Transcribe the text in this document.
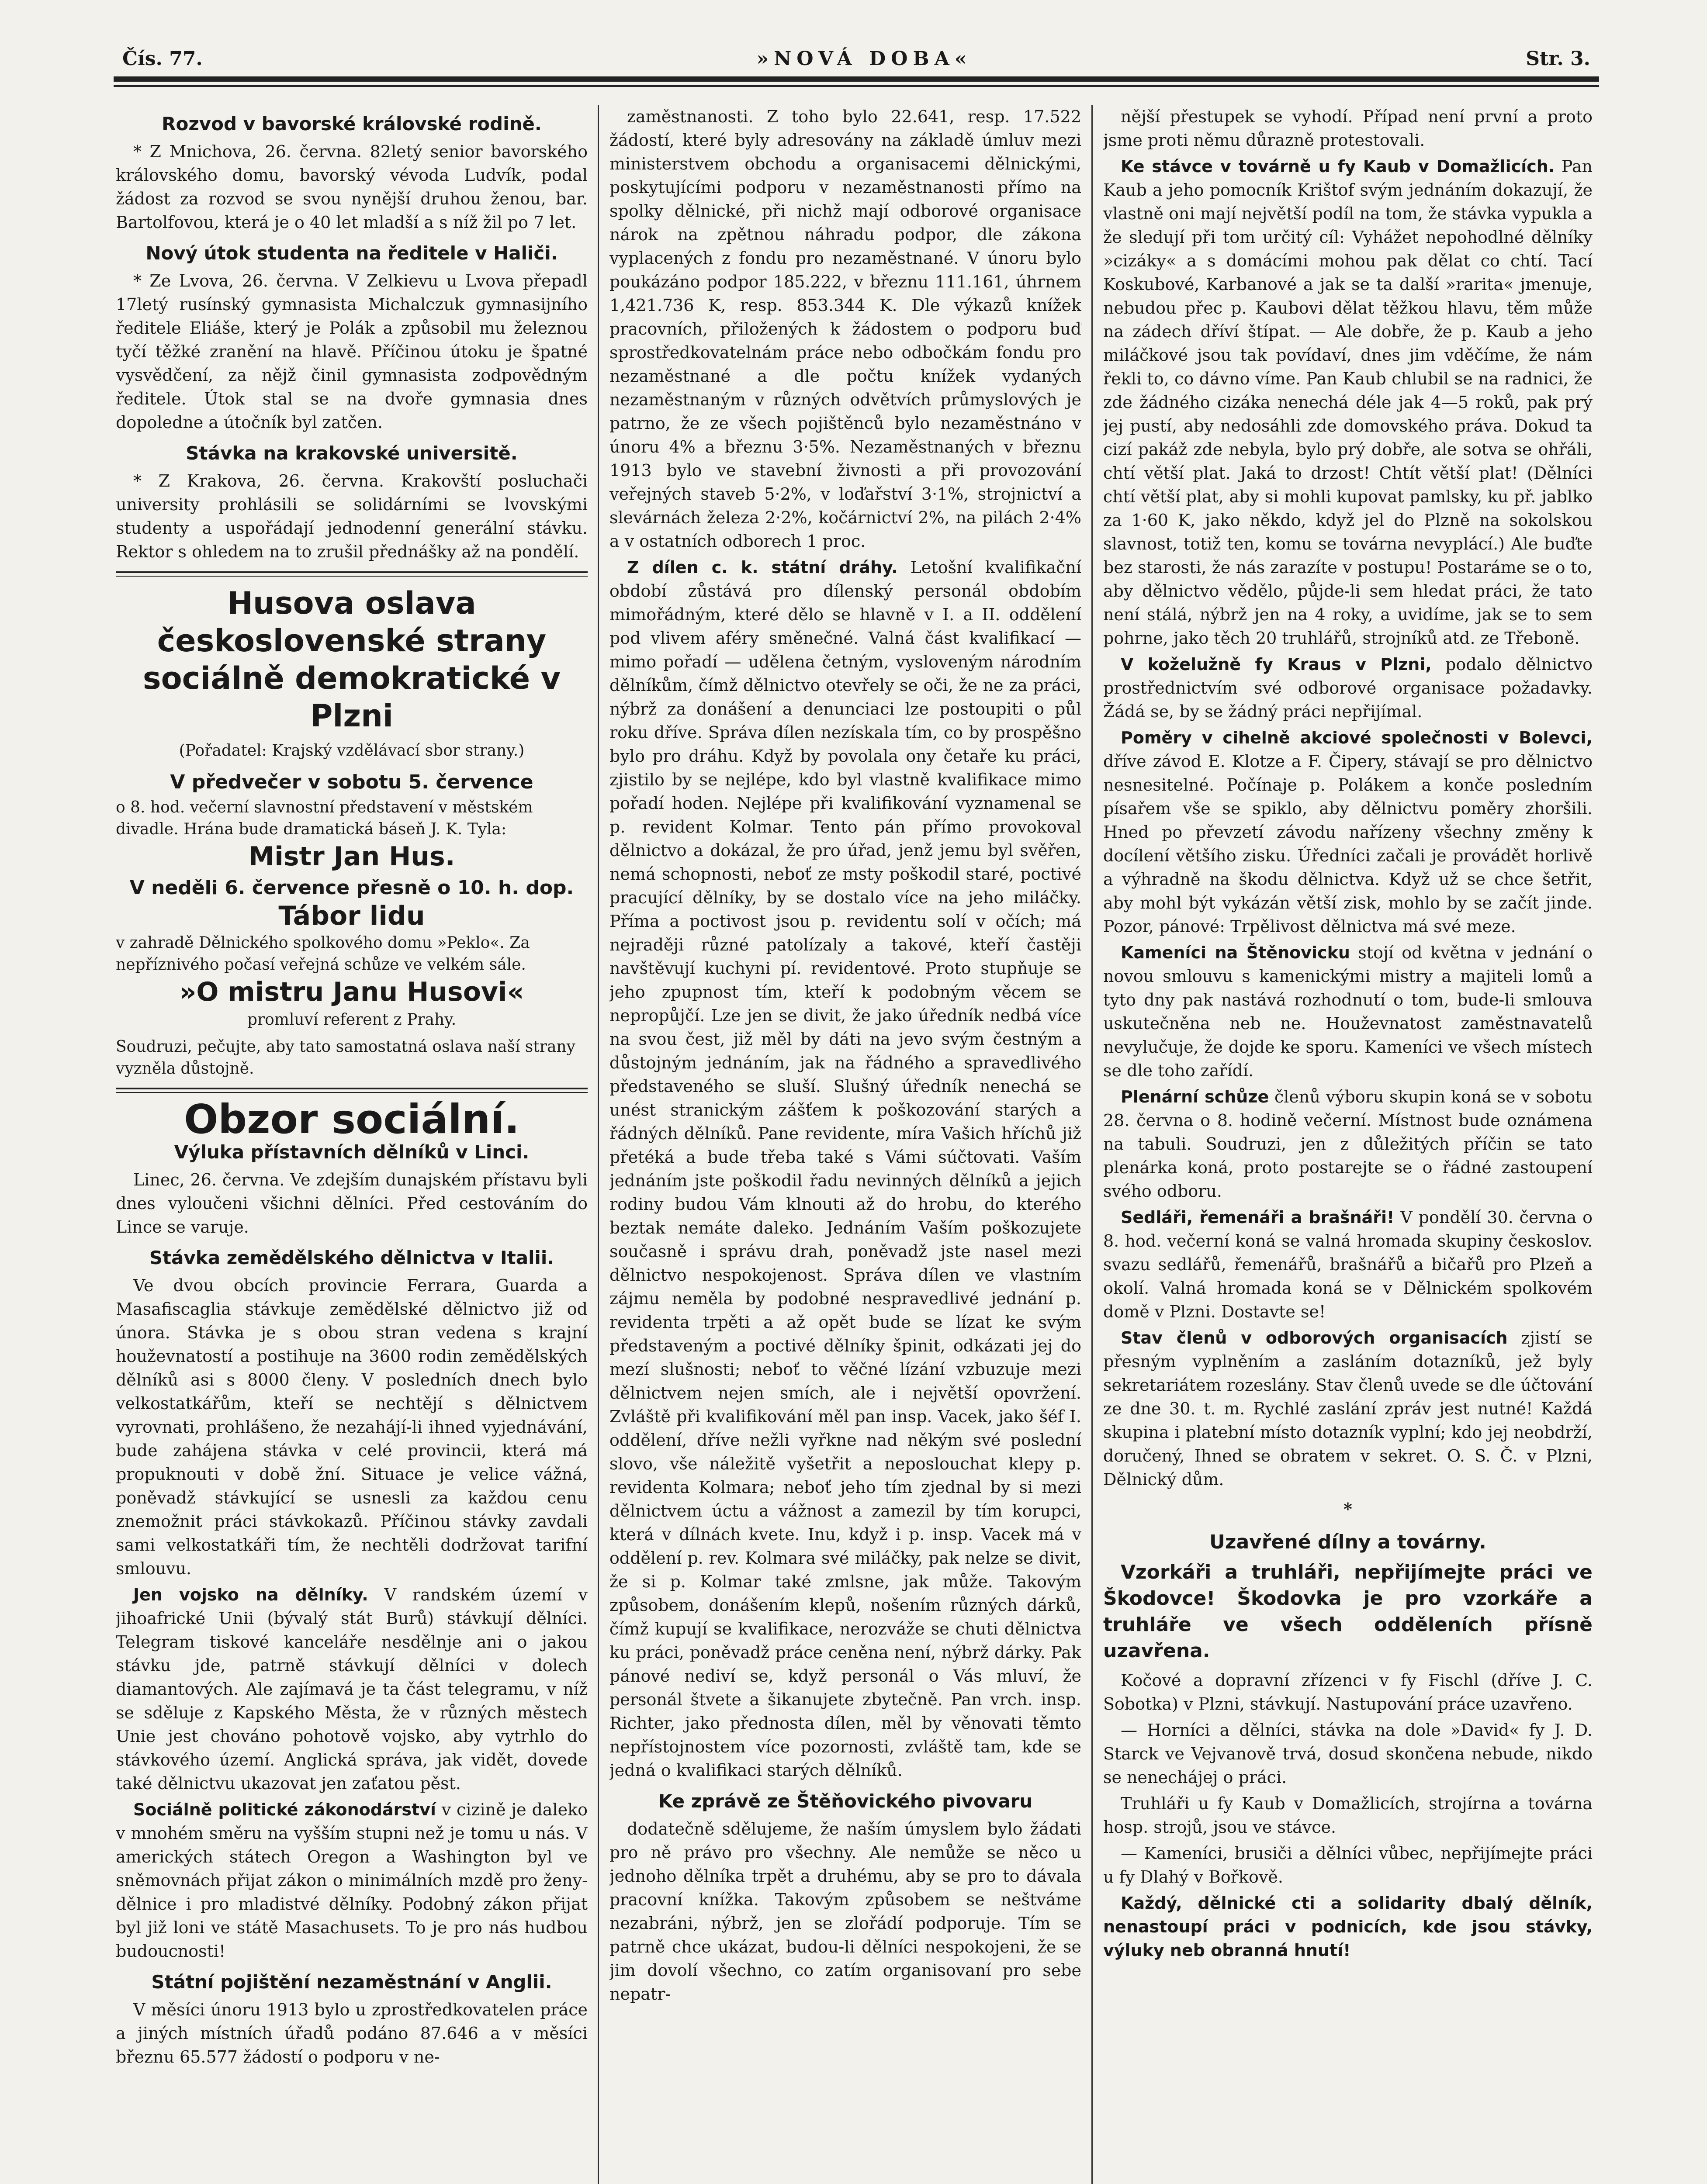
Čís. 77.	»NOVÁ DOBA«	Str. 3.
Rozvod v bavorské královské rodině.

* Z Mnichova, 26. června. 82letý senior bavorského královského domu, bavorský vévoda Ludvík, podal žádost za rozvod se svou nynější druhou ženou, bar. Bartolfovou, která je o 40 let mladší a s níž žil po 7 let.

Nový útok studenta na ředitele v Haliči.

* Ze Lvova, 26. června. V Zelkievu u Lvova přepadl 17letý rusínský gymnasista Michalczuk gymnasijního ředitele Eliáše, který je Polák a způsobil mu železnou tyčí těžké zranění na hlavě. Příčinou útoku je špatné vysvědčení, za nějž činil gymnasista zodpovědným ředitele. Útok stal se na dvoře gymnasia dnes dopoledne a útočník byl zatčen.

Stávka na krakovské universitě.

* Z Krakova, 26. června. Krakovští posluchači university prohlásili se solidárními se lvovskými studenty a uspořádají jednodenní generální stávku. Rektor s ohledem na to zrušil přednášky až na pondělí.

Husova oslava československé strany sociálně demokratické v Plzni
(Pořadatel: Krajský vzdělávací sbor strany.)
V předvečer v sobotu 5. července
o 8. hod. večerní slavnostní představení v městském divadle. Hrána bude dramatická báseň J. K. Tyla:
Mistr Jan Hus.
V neděli 6. července přesně o 10. h. dop.
Tábor lidu
v zahradě Dělnického spolkového domu »Peklo«. Za nepříznivého počasí veřejná schůze ve velkém sále.
»O mistru Janu Husovi«
promluví referent z Prahy.
Soudruzi, pečujte, aby tato samostatná oslava naší strany vyzněla důstojně.
Obzor sociální.
Výluka přístavních dělníků v Linci.

Linec, 26. června. Ve zdejším dunajském přístavu byli dnes vyloučeni všichni dělníci. Před cestováním do Lince se varuje.

Stávka zemědělského dělnictva v Italii.

Ve dvou obcích provincie Ferrara, Guarda a Masafiscaglia stávkuje zemědělské dělnictvo již od února. Stávka je s obou stran vedena s krajní houževnatostí a postihuje na 3600 rodin zemědělských dělníků asi s 8000 členy. V posledních dnech bylo velkostatkářům, kteří se nechtějí s dělnictvem vyrovnati, prohlášeno, že nezahájí-li ihned vyjednávání, bude zahájena stávka v celé provincii, která má propuknouti v době žní. Situace je velice vážná, poněvadž stávkující se usnesli za každou cenu znemožnit práci stávkokazů. Příčinou stávky zavdali sami velkostatkáři tím, že nechtěli dodržovat tarifní smlouvu.

Jen vojsko na dělníky. V randském území v jihoafrické Unii (bývalý stát Burů) stávkují dělníci. Telegram tiskové kanceláře nesdělnje ani o jakou stávku jde, patrně stávkují dělníci v dolech diamantových. Ale zajímavá je ta část telegramu, v níž se sděluje z Kapského Města, že v různých městech Unie jest chováno pohotově vojsko, aby vytrhlo do stávkového území. Anglická správa, jak vidět, dovede také dělnictvu ukazovat jen zaťatou pěst.

Sociálně politické zákonodárství v cizině je daleko v mnohém směru na vyšším stupni než je tomu u nás. V amerických státech Oregon a Washington byl ve sněmovnách přijat zákon o minimálních mzdě pro ženy-dělnice i pro mladistvé dělníky. Podobný zákon přijat byl již loni ve státě Masachusets. To je pro nás hudbou budoucnosti!

Státní pojištění nezaměstnání v Anglii.

V měsíci únoru 1913 bylo u zprostředkovatelen práce a jiných místních úřadů podáno 87.646 a v měsíci březnu 65.577 žádostí o podporu v ne-

zaměstnanosti. Z toho bylo 22.641, resp. 17.522 žádostí, které byly adresovány na základě úmluv mezi ministerstvem obchodu a organisacemi dělnickými, poskytujícími podporu v nezaměstnanosti přímo na spolky dělnické, při nichž mají odborové organisace nárok na zpětnou náhradu podpor, dle zákona vyplacených z fondu pro nezaměstnané. V únoru bylo poukázáno podpor 185.222, v březnu 111.161, úhrnem 1,421.736 K, resp. 853.344 K. Dle výkazů knížek pracovních, přiložených k žádostem o podporu buď sprostředkovatelnám práce nebo odbočkám fondu pro nezaměstnané a dle počtu knížek vydaných nezaměstnaným v různých odvětvích průmyslových je patrno, že ze všech pojištěnců bylo nezaměstnáno v únoru 4% a březnu 3·5%. Nezaměstnaných v březnu 1913 bylo ve stavební živnosti a při provozování veřejných staveb 5·2%, v loďařství 3·1%, strojnictví a slevárnách železa 2·2%, kočárnictví 2%, na pilách 2·4% a v ostatních odborech 1 proc.

Z dílen c. k. státní dráhy. Letošní kvalifikační období zůstává pro dílenský personál obdobím mimořádným, které dělo se hlavně v I. a II. oddělení pod vlivem aféry směnečné. Valná část kvalifikací — mimo pořadí — udělena četným, vysloveným národním dělníkům, čímž dělnictvo otevřely se oči, že ne za práci, nýbrž za donášení a denunciaci lze postoupiti o půl roku dříve. Správa dílen nezískala tím, co by prospěšno bylo pro dráhu. Když by povolala ony četaře ku práci, zjistilo by se nejlépe, kdo byl vlastně kvalifikace mimo pořadí hoden. Nejlépe při kvalifikování vyznamenal se p. revident Kolmar. Tento pán přímo provokoval dělnictvo a dokázal, že pro úřad, jenž jemu byl svěřen, nemá schopnosti, neboť ze msty poškodil staré, poctivé pracující dělníky, by se dostalo více na jeho miláčky. Příma a poctivost jsou p. revidentu solí v očích; má nejraději různé patolízaly a takové, kteří častěji navštěvují kuchyni pí. revidentové. Proto stupňuje se jeho zpupnost tím, kteří k podobným věcem se nepropůjčí. Lze jen se divit, že jako úředník nedbá více na svou čest, již měl by dáti na jevo svým čestným a důstojným jednáním, jak na řádného a spravedlivého představeného se sluší. Slušný úředník nenechá se unést stranickým zášťem k poškozování starých a řádných dělníků. Pane revidente, míra Vašich hříchů již přetéká a bude třeba také s Vámi súčtovati. Vaším jednáním jste poškodil řadu nevinných dělníků a jejich rodiny budou Vám klnouti až do hrobu, do kterého beztak nemáte daleko. Jednáním Vaším poškozujete současně i správu drah, poněvadž jste nasel mezi dělnictvo nespokojenost. Správa dílen ve vlastním zájmu neměla by podobné nespravedlivé jednání p. revidenta trpěti a až opět bude se lízat ke svým představeným a poctivé dělníky špinit, odkázati jej do mezí slušnosti; neboť to věčné lízání vzbuzuje mezi dělnictvem nejen smích, ale i největší opovržení. Zvláště při kvalifikování měl pan insp. Vacek, jako šéf I. oddělení, dříve nežli vyřkne nad někým své poslední slovo, vše náležitě vyšetřit a neposlouchat klepy p. revidenta Kolmara; neboť jeho tím zjednal by si mezi dělnictvem úctu a vážnost a zamezil by tím korupci, která v dílnách kvete. Inu, když i p. insp. Vacek má v oddělení p. rev. Kolmara své miláčky, pak nelze se divit, že si p. Kolmar také zmlsne, jak může. Takovým způsobem, donášením klepů, nošením různých dárků, čímž kupují se kvalifikace, nerozváže se chuti dělnictva ku práci, poněvadž práce ceněna není, nýbrž dárky. Pak pánové nediví se, když personál o Vás mluví, že personál štvete a šikanujete zbytečně. Pan vrch. insp. Richter, jako přednosta dílen, měl by věnovati těmto nepřístojnostem více pozornosti, zvláště tam, kde se jedná o kvalifikaci starých dělníků.

Ke zprávě ze Štěňovického pivovaru

dodatečně sdělujeme, že naším úmyslem bylo žádati pro ně právo pro všechny. Ale nemůže se něco u jednoho dělníka trpět a druhému, aby se pro to dávala pracovní knížka. Takovým způsobem se neštváme nezabráni, nýbrž, jen se zlořádí podporuje. Tím se patrně chce ukázat, budou-li dělníci nespokojeni, že se jim dovolí všechno, co zatím organisovaní pro sebe nepatr-

nější přestupek se vyhodí. Případ není první a proto jsme proti němu důrazně protestovali.

Ke stávce v továrně u fy Kaub v Domažlicích. Pan Kaub a jeho pomocník Krištof svým jednáním dokazují, že vlastně oni mají největší podíl na tom, že stávka vypukla a že sledují při tom určitý cíl: Vyhážet nepohodlné dělníky »cizáky« a s domácími mohou pak dělat co chtí. Tací Koskubové, Karbanové a jak se ta další »rarita« jmenuje, nebudou přec p. Kaubovi dělat těžkou hlavu, těm může na zádech dříví štípat. — Ale dobře, že p. Kaub a jeho miláčkové jsou tak povídaví, dnes jim vděčíme, že nám řekli to, co dávno víme. Pan Kaub chlubil se na radnici, že zde žádného cizáka nenechá déle jak 4—5 roků, pak prý jej pustí, aby nedosáhli zde domovského práva. Dokud ta cizí pakáž zde nebyla, bylo prý dobře, ale sotva se ohřáli, chtí větší plat. Jaká to drzost! Chtít větší plat! (Dělníci chtí větší plat, aby si mohli kupovat pamlsky, ku př. jablko za 1·60 K, jako někdo, když jel do Plzně na sokolskou slavnost, totiž ten, komu se továrna nevyplácí.) Ale buďte bez starosti, že nás zarazíte v postupu! Postaráme se o to, aby dělnictvo vědělo, půjde-li sem hledat práci, že tato není stálá, nýbrž jen na 4 roky, a uvidíme, jak se to sem pohrne, jako těch 20 truhlářů, strojníků atd. ze Třeboně.

V koželužně fy Kraus v Plzni, podalo dělnictvo prostřednictvím své odborové organisace požadavky. Žádá se, by se žádný práci nepřijímal.

Poměry v cihelně akciové společnosti v Bolevci, dříve závod E. Klotze a F. Čipery, stávají se pro dělnictvo nesnesitelné. Počínaje p. Polákem a konče posledním písařem vše se spiklo, aby dělnictvu poměry zhoršili. Hned po převzetí závodu nařízeny všechny změny k docílení většího zisku. Úředníci začali je provádět horlivě a výhradně na škodu dělnictva. Když už se chce šetřit, aby mohl být vykázán větší zisk, mohlo by se začít jinde. Pozor, pánové: Trpělivost dělnictva má své meze.

Kameníci na Štěnovicku stojí od května v jednání o novou smlouvu s kamenickými mistry a majiteli lomů a tyto dny pak nastává rozhodnutí o tom, bude-li smlouva uskutečněna neb ne. Houževnatost zaměstnavatelů nevylučuje, že dojde ke sporu. Kameníci ve všech místech se dle toho zařídí.

Plenární schůze členů výboru skupin koná se v sobotu 28. června o 8. hodině večerní. Místnost bude oznámena na tabuli. Soudruzi, jen z důležitých příčin se tato plenárka koná, proto postarejte se o řádné zastoupení svého odboru.

Sedláři, řemenáři a brašnáři! V pondělí 30. června o 8. hod. večerní koná se valná hromada skupiny českoslov. svazu sedlářů, řemenářů, brašnářů a bičařů pro Plzeň a okolí. Valná hromada koná se v Dělnickém spolkovém domě v Plzni. Dostavte se!

Stav členů v odborových organisacích zjistí se přesným vyplněním a zasláním dotazníků, jež byly sekretariátem rozeslány. Stav členů uvede se dle účtování ze dne 30. t. m. Rychlé zaslání zpráv jest nutné! Každá skupina i platební místo dotazník vyplní; kdo jej neobdrží, doručený, Ihned se obratem v sekret. O. S. Č. v Plzni, Dělnický dům.

*
Uzavřené dílny a továrny.
Vzorkáři a truhláři, nepřijímejte práci ve Škodovce! Škodovka je pro vzorkáře a truhláře ve všech odděleních přísně uzavřena.

Kočové a dopravní zřízenci v fy Fischl (dříve J. C. Sobotka) v Plzni, stávkují. Nastupování práce uzavřeno.

— Horníci a dělníci, stávka na dole »David« fy J. D. Starck ve Vejvanově trvá, dosud skončena nebude, nikdo se nenechájej o práci.

Truhláři u fy Kaub v Domažlicích, strojírna a továrna hosp. strojů, jsou ve stávce.

— Kameníci, brusiči a dělníci vůbec, nepřijímejte práci u fy Dlahý v Bořkově.

Každý, dělnické cti a solidarity dbalý dělník, nenastoupí práci v podnicích, kde jsou stávky, výluky neb obranná hnutí!
